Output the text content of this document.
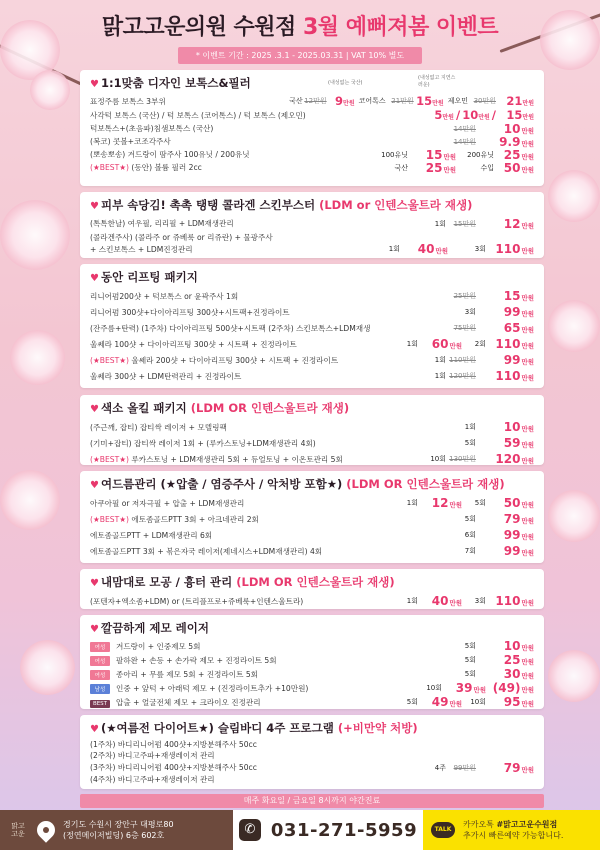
맑고고운의원 수원점 3월 예뻐져봄 이벤트
* 이벤트 기간 : 2025 .3.1 - 2025.03.31 | VAT 10% 별도
♥ 1:1맞춤 디자인 보톡스&필러	(내성없는 국산)
(내성없고 지연스러운)
표정주름 보톡스 3부위	국산 12만원 9만원 코어톡스 21만원 15만원 제오민 30만원 21만원
사각턱 보톡스 (국산) / 턱 보톡스 (코어톡스) / 턱 보톡스 (제오민)	5만원 / 10만원 / 15만원
턱보톡스+(초음파)침샘보톡스 (국산)	14만원	10만원
(복코) 콧볼+코조각주사	14만원	9.9만원
(뽀송뽀송) 겨드랑이 땀주사 100유닛 / 200유닛	100유닛	15만원	200유닛 25만원
(★BEST★) (동안) 볼륨 필러 2cc	국산	25만원	수입 50만원
♥ 피부 속당김! 촉촉 탱탱 콜라겐 스킨부스터 (LDM or 인텐스울트라 재생)
(톡톡한날) 여우필, 리리필 + LDM재생관리	1회	15만원	12만원
(콜라겐주사) (콜라주 or 쥬베룩 or 리쥬란) + 물광주사
+ 스킨보톡스 + LDM진정관리	1회	40만원	3회 110만원
♥ 동안 리프팅 패키지
리니어펌200샷 + 턱보톡스 or 윤곽주사 1회	25만원	15만원
리니어펌 300샷+다이아리프팅 300샷+시트팩+진정라이트	3회	99만원
(잔주름+탄력) (1주차) 다이아리프팅 500샷+시트팩 (2주차) 스킨보톡스+LDM재생	75만원	65만원
울쎄라 100샷 + 다이아리프팅 300샷 + 시트팩 + 진정라이트	1회	60만원	2회 110만원
(★BEST★) 울쎄라 200샷 + 다이아리프팅 300샷 + 시트팩 + 진정라이트	1회 110만원	99만원
울쎄라 300샷 + LDM탄력관리 + 진정라이트	1회 120만원	110만원
♥ 색소 올킬 패키지 (LDM OR 인텐스울트라 재생)
(주근깨, 잡티) 잡티싹 레이저 + 모델링팩	1회	10만원
(기미+잡티) 잡티싹 레이저 1회 + (루카스토닝+LDM재생관리 4회)	5회	59만원
(★BEST★) 루카스토닝 + LDM재생관리 5회 + 듀얼토닝 + 이온토관리 5회	10회 130만원	120만원
♥ 여드름관리 (★압출 / 염증주사 / 악처방 포함★) (LDM OR 인텐스울트라 재생)
아쿠아필 or 저자극필 + 압출 + LDM재생관리	1회	12만원	5회	50만원
(★BEST★) 에토좀골드PTT 3회 + 아크네관리 2회	5회	79만원
에토좀골드PTT + LDM재생관리 6회	6회	99만원
에토좀골드PTT 3회 + 볶은자국 레이저(제네시스+LDM재생관리) 4회	7회	99만원
♥ 내맘대로 모공 / 흉터 관리 (LDM OR 인텐스울트라 재생)
(포텐자+엑소좀+LDM) or (트리플프로+쥬베룩+인텐스울트라)	1회	40만원	3회 110만원
♥ 깔끔하게 제모 레이저
여성 겨드랑이 + 인중제모 5회	5회	10만원
여성 팔하완 + 손등 + 손가락 제모 + 진정라이트 5회	5회	25만원
여성 종아리 + 무릎 제모 5회 + 진정라이트 5회	5회	30만원
남성 인중 + 앞턱 + 아래턱 제모 + (진정라이트추가 +10만원)	10회	39만원 (49)만원
BEST 압출 + 얼굴전체 제모 + 크라이오 진정관리	5회	49만원	10회	95만원
♥ (★여름전 다이어트★) 슬림바디 4주 프로그램 (+비만약 처방)
(1주차) 바디리니어펌 400샷+지방분해주사 50cc
(2주차) 바디고주파+재생레이저 관리
(3주차) 바디리니어펌 400샷+지방분해주사 50cc	4주	99만원	79만원
(4주차) 바디고주파+재생레이저 관리
매주 화요일 / 금요일 8시까지 야간진료
맑고
고운
경기도 수원시 장안구 대평로80
(정연메이저빌딩) 6층 602호	✆ 031-271-5959	TALK
카카오톡 #맑고고운수원점
추가시 빠른예약 가능합니다.
